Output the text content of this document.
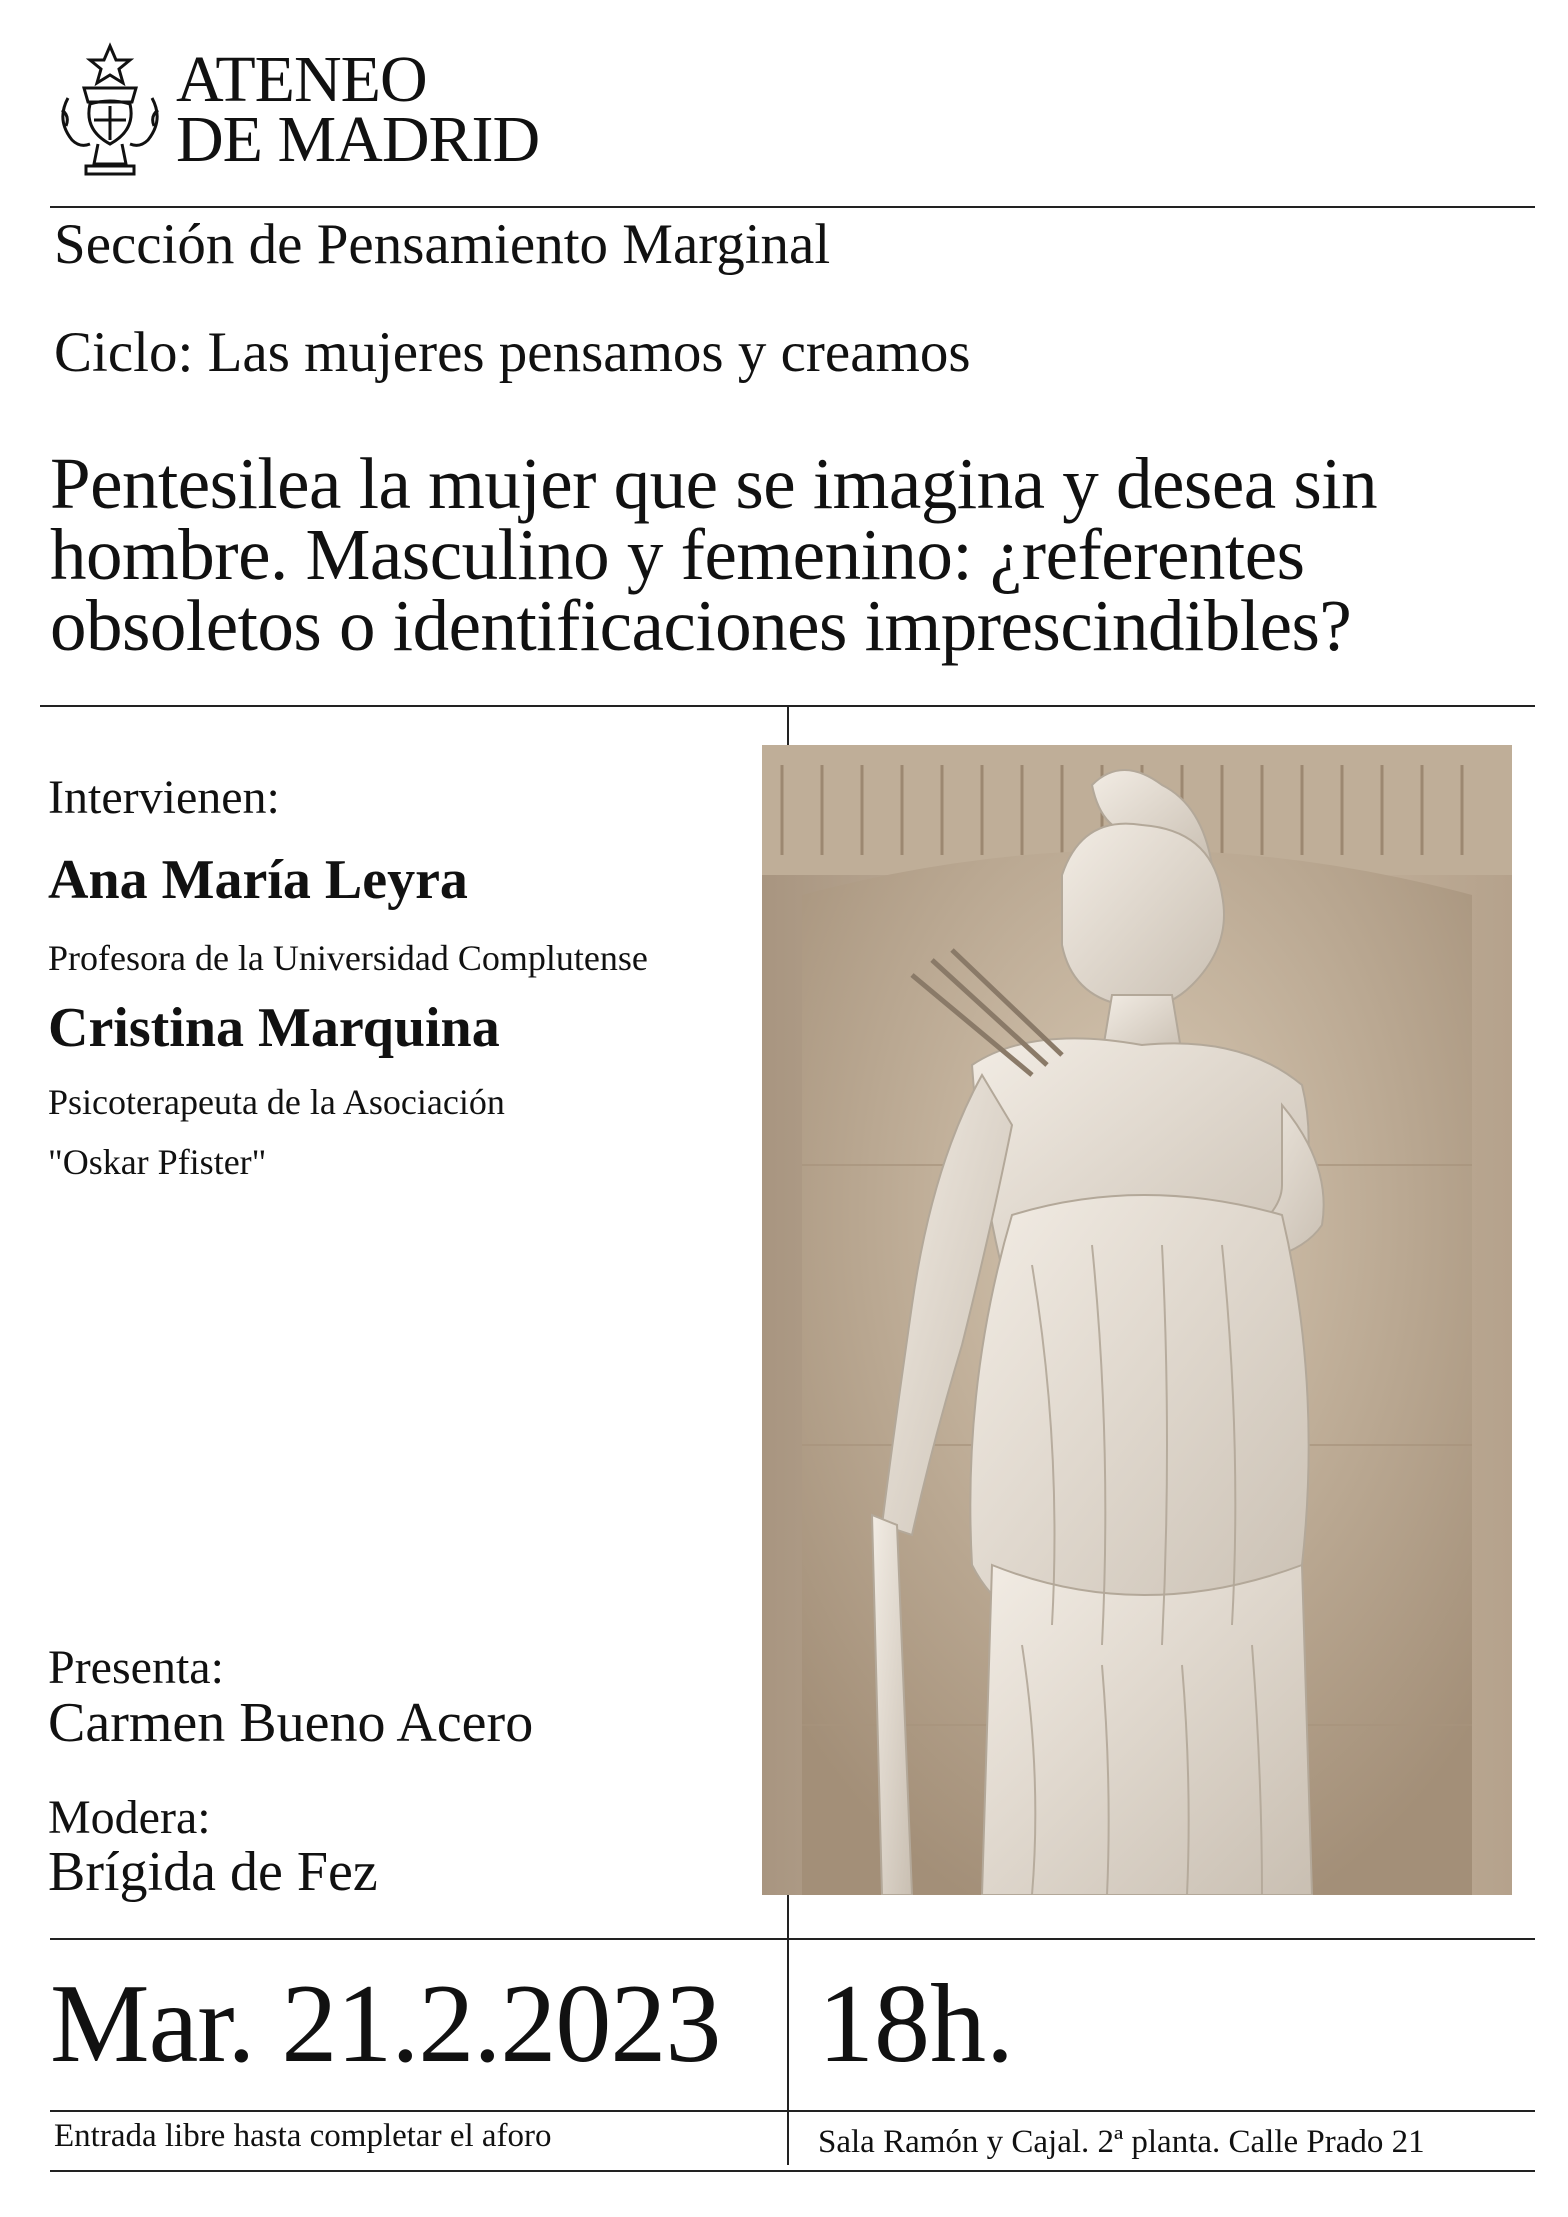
ATENEO
DE MADRID
Sección de Pensamiento Marginal
Ciclo: Las mujeres pensamos y creamos
Pentesilea la mujer que se imagina y desea sin hombre. Masculino y femenino: ¿referentes obsoletos o identificaciones imprescindibles?
Intervienen:
Ana María Leyra
Profesora de la Universidad Complutense
Cristina Marquina
Psicoterapeuta de la Asociación
"Oskar Pfister"
Presenta:
Carmen Bueno Acero
Modera:
Brígida de Fez
Mar. 21.2.2023 18h.
Entrada libre hasta completar el aforo	Sala Ramón y Cajal. 2ª planta. Calle Prado 21
